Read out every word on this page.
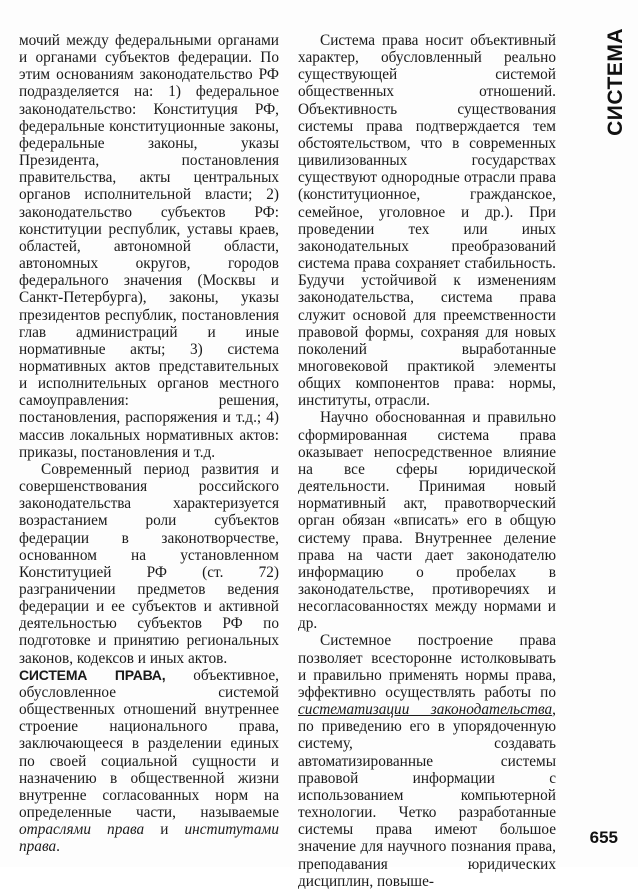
мочий между федеральными органами и органами субъектов федерации. По этим основаниям законодательство РФ подразделяется на: 1) федеральное законодательство: Конституция РФ, федеральные конституционные законы, федеральные законы, указы Президента, постановления правительства, акты центральных органов исполнительной власти; 2) законодательство субъектов РФ: конституции республик, уставы краев, областей, автономной области, автономных округов, городов федерального значения (Москвы и Санкт-Петербурга), законы, указы президентов республик, постановления глав администраций и иные нормативные акты; 3) система нормативных актов представительных и исполнительных органов местного самоуправления: решения, постановления, распоряжения и т.д.; 4) массив локальных нормативных актов: приказы, постановления и т.д.

Современный период развития и совершенствования российского законодательства характеризуется возрастанием роли субъектов федерации в законотворчестве, основанном на установленном Конституцией РФ (ст. 72) разграничении предметов ведения федерации и ее субъектов и активной деятельностью субъектов РФ по подготовке и принятию региональных законов, кодексов и иных актов.

СИСТЕМА ПРАВА, объективное, обусловленное системой общественных отношений внутреннее строение национального права, заключающееся в разделении единых по своей социальной сущности и назначению в общественной жизни внутренне согласованных норм на определенные части, называемые отраслями права и институтами права.

Система права носит объективный характер, обусловленный реально существующей системой общественных отношений. Объективность существования системы права подтверждается тем обстоятельством, что в современных цивилизованных государствах существуют однородные отрасли права (конституционное, гражданское, семейное, уголовное и др.). При проведении тех или иных законодательных преобразований система права сохраняет стабильность. Будучи устойчивой к изменениям законодательства, система права служит основой для преемственности правовой формы, сохраняя для новых поколений выработанные многовековой практикой элементы общих компонентов права: нормы, институты, отрасли.

Научно обоснованная и правильно сформированная система права оказывает непосредственное влияние на все сферы юридической деятельности. Принимая новый нормативный акт, правотворческий орган обязан «вписать» его в общую систему права. Внутреннее деление права на части дает законодателю информацию о пробелах в законодательстве, противоречиях и несогласованностях между нормами и др.

Системное построение права позволяет всесторонне истолковывать и правильно применять нормы права, эффективно осуществлять работы по систематизации законодательства, по приведению его в упорядоченную систему, создавать автоматизированные системы правовой информации с использованием компьютерной технологии. Четко разработанные системы права имеют большое значение для научного познания права, преподавания юридических дисциплин, повыше-

СИСТЕМА
655
